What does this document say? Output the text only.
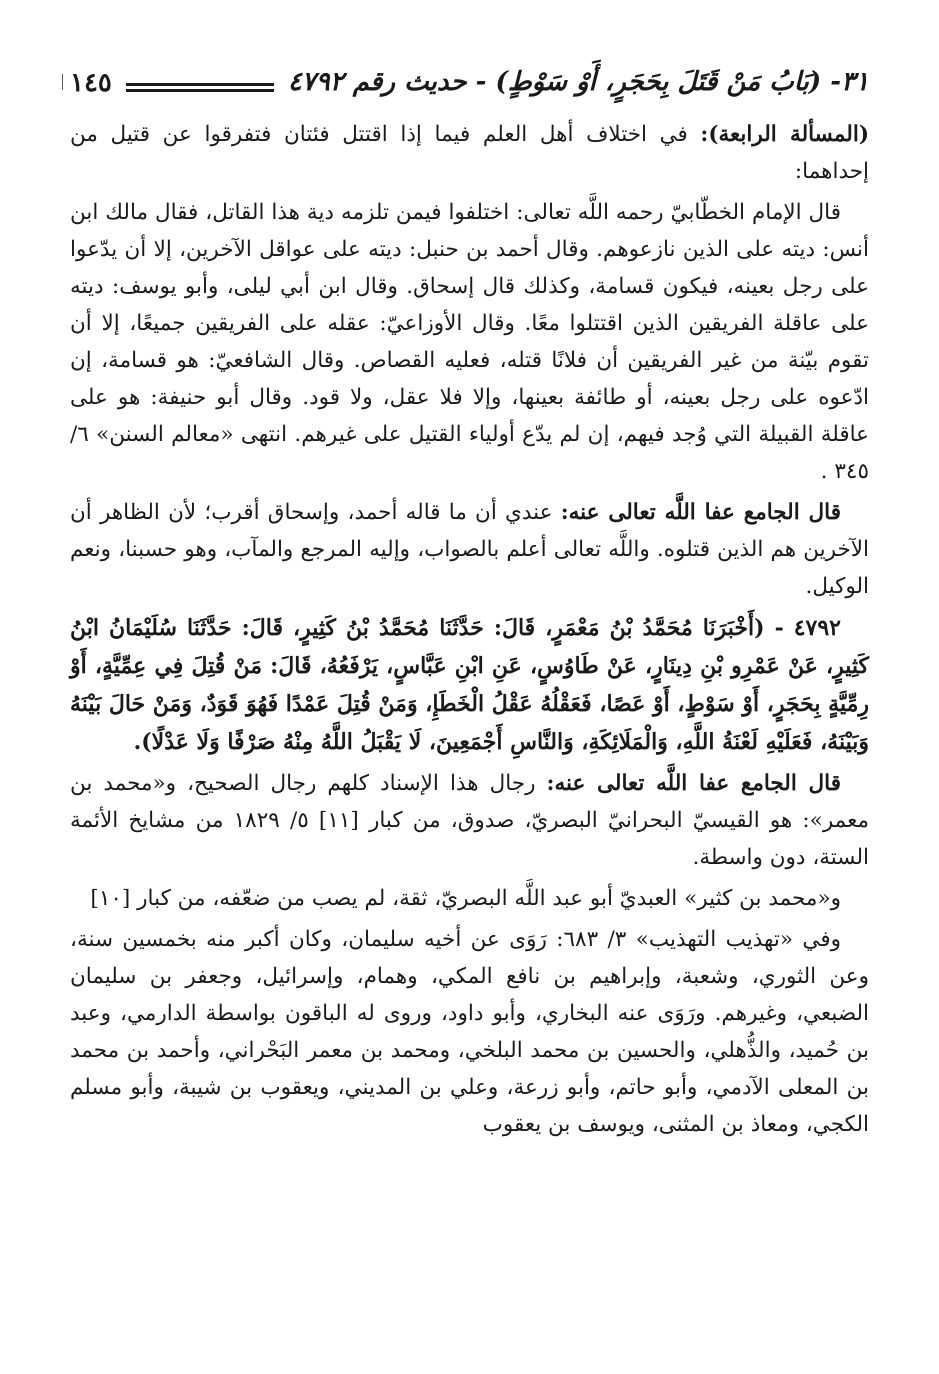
٣١- (بَابُ مَنْ قَتَلَ بِحَجَرٍ، أَوْ سَوْطٍ) - حديث رقم ٤٧٩٢
١٤٥

(المسألة الرابعة): في اختلاف أهل العلم فيما إذا اقتتل فئتان فتفرقوا عن قتيل من إحداهما:

قال الإمام الخطّابيّ رحمه اللَّه تعالى: اختلفوا فيمن تلزمه دية هذا القاتل، فقال مالك ابن أنس: ديته على الذين نازعوهم. وقال أحمد بن حنبل: ديته على عواقل الآخرين، إلا أن يدّعوا على رجل بعينه، فيكون قسامة، وكذلك قال إسحاق. وقال ابن أبي ليلى، وأبو يوسف: ديته على عاقلة الفريقين الذين اقتتلوا معًا. وقال الأوزاعيّ: عقله على الفريقين جميعًا، إلا أن تقوم بيّنة من غير الفريقين أن فلانًا قتله، فعليه القصاص. وقال الشافعيّ: هو قسامة، إن ادّعوه على رجل بعينه، أو طائفة بعينها، وإلا فلا عقل، ولا قود. وقال أبو حنيفة: هو على عاقلة القبيلة التي وُجد فيهم، إن لم يدّع أولياء القتيل على غيرهم. انتهى «معالم السنن» ٦/ ٣٤٥ .

قال الجامع عفا اللَّه تعالى عنه: عندي أن ما قاله أحمد، وإسحاق أقرب؛ لأن الظاهر أن الآخرين هم الذين قتلوه. واللَّه تعالى أعلم بالصواب، وإليه المرجع والمآب، وهو حسبنا، ونعم الوكيل.

٤٧٩٢ - (أَخْبَرَنَا مُحَمَّدُ بْنُ مَعْمَرٍ، قَالَ: حَدَّثَنَا مُحَمَّدُ بْنُ كَثِيرٍ، قَالَ: حَدَّثَنَا سُلَيْمَانُ ابْنُ كَثِيرٍ، عَنْ عَمْرِو بْنِ دِينَارٍ، عَنْ طَاوُسٍ، عَنِ ابْنِ عَبَّاسٍ، يَرْفَعُهُ، قَالَ: مَنْ قُتِلَ فِي عِمِّيَّةٍ، أَوْ رِمِّيَّةٍ بِحَجَرٍ، أَوْ سَوْطٍ، أَوْ عَصًا، فَعَقْلُهُ عَقْلُ الْخَطَإِ، وَمَنْ قُتِلَ عَمْدًا فَهُوَ قَوَدٌ، وَمَنْ حَالَ بَيْنَهُ وَبَيْنَهُ، فَعَلَيْهِ لَعْنَةُ اللَّهِ، وَالْمَلَائِكَةِ، وَالنَّاسِ أَجْمَعِينَ، لَا يَقْبَلُ اللَّهُ مِنْهُ صَرْفًا وَلَا عَدْلًا).

قال الجامع عفا اللَّه تعالى عنه: رجال هذا الإسناد كلهم رجال الصحيح، و«محمد بن معمر»: هو القيسيّ البحرانيّ البصريّ، صدوق، من كبار [١١] ٥/ ١٨٢٩ من مشايخ الأئمة الستة، دون واسطة.

و«محمد بن كثير» العبديّ أبو عبد اللَّه البصريّ، ثقة، لم يصب من ضعّفه، من كبار [١٠]

وفي «تهذيب التهذيب» ٣/ ٦٨٣: رَوَى عن أخيه سليمان، وكان أكبر منه بخمسين سنة، وعن الثوري، وشعبة، وإبراهيم بن نافع المكي، وهمام، وإسرائيل، وجعفر بن سليمان الضبعي، وغيرهم. ورَوَى عنه البخاري، وأبو داود، وروى له الباقون بواسطة الدارمي، وعبد بن حُميد، والذُّهلي، والحسين بن محمد البلخي، ومحمد بن معمر البَحْراني، وأحمد بن محمد بن المعلى الآدمي، وأبو حاتم، وأبو زرعة، وعلي بن المديني، ويعقوب بن شيبة، وأبو مسلم الكجي، ومعاذ بن المثنى، ويوسف بن يعقوب
